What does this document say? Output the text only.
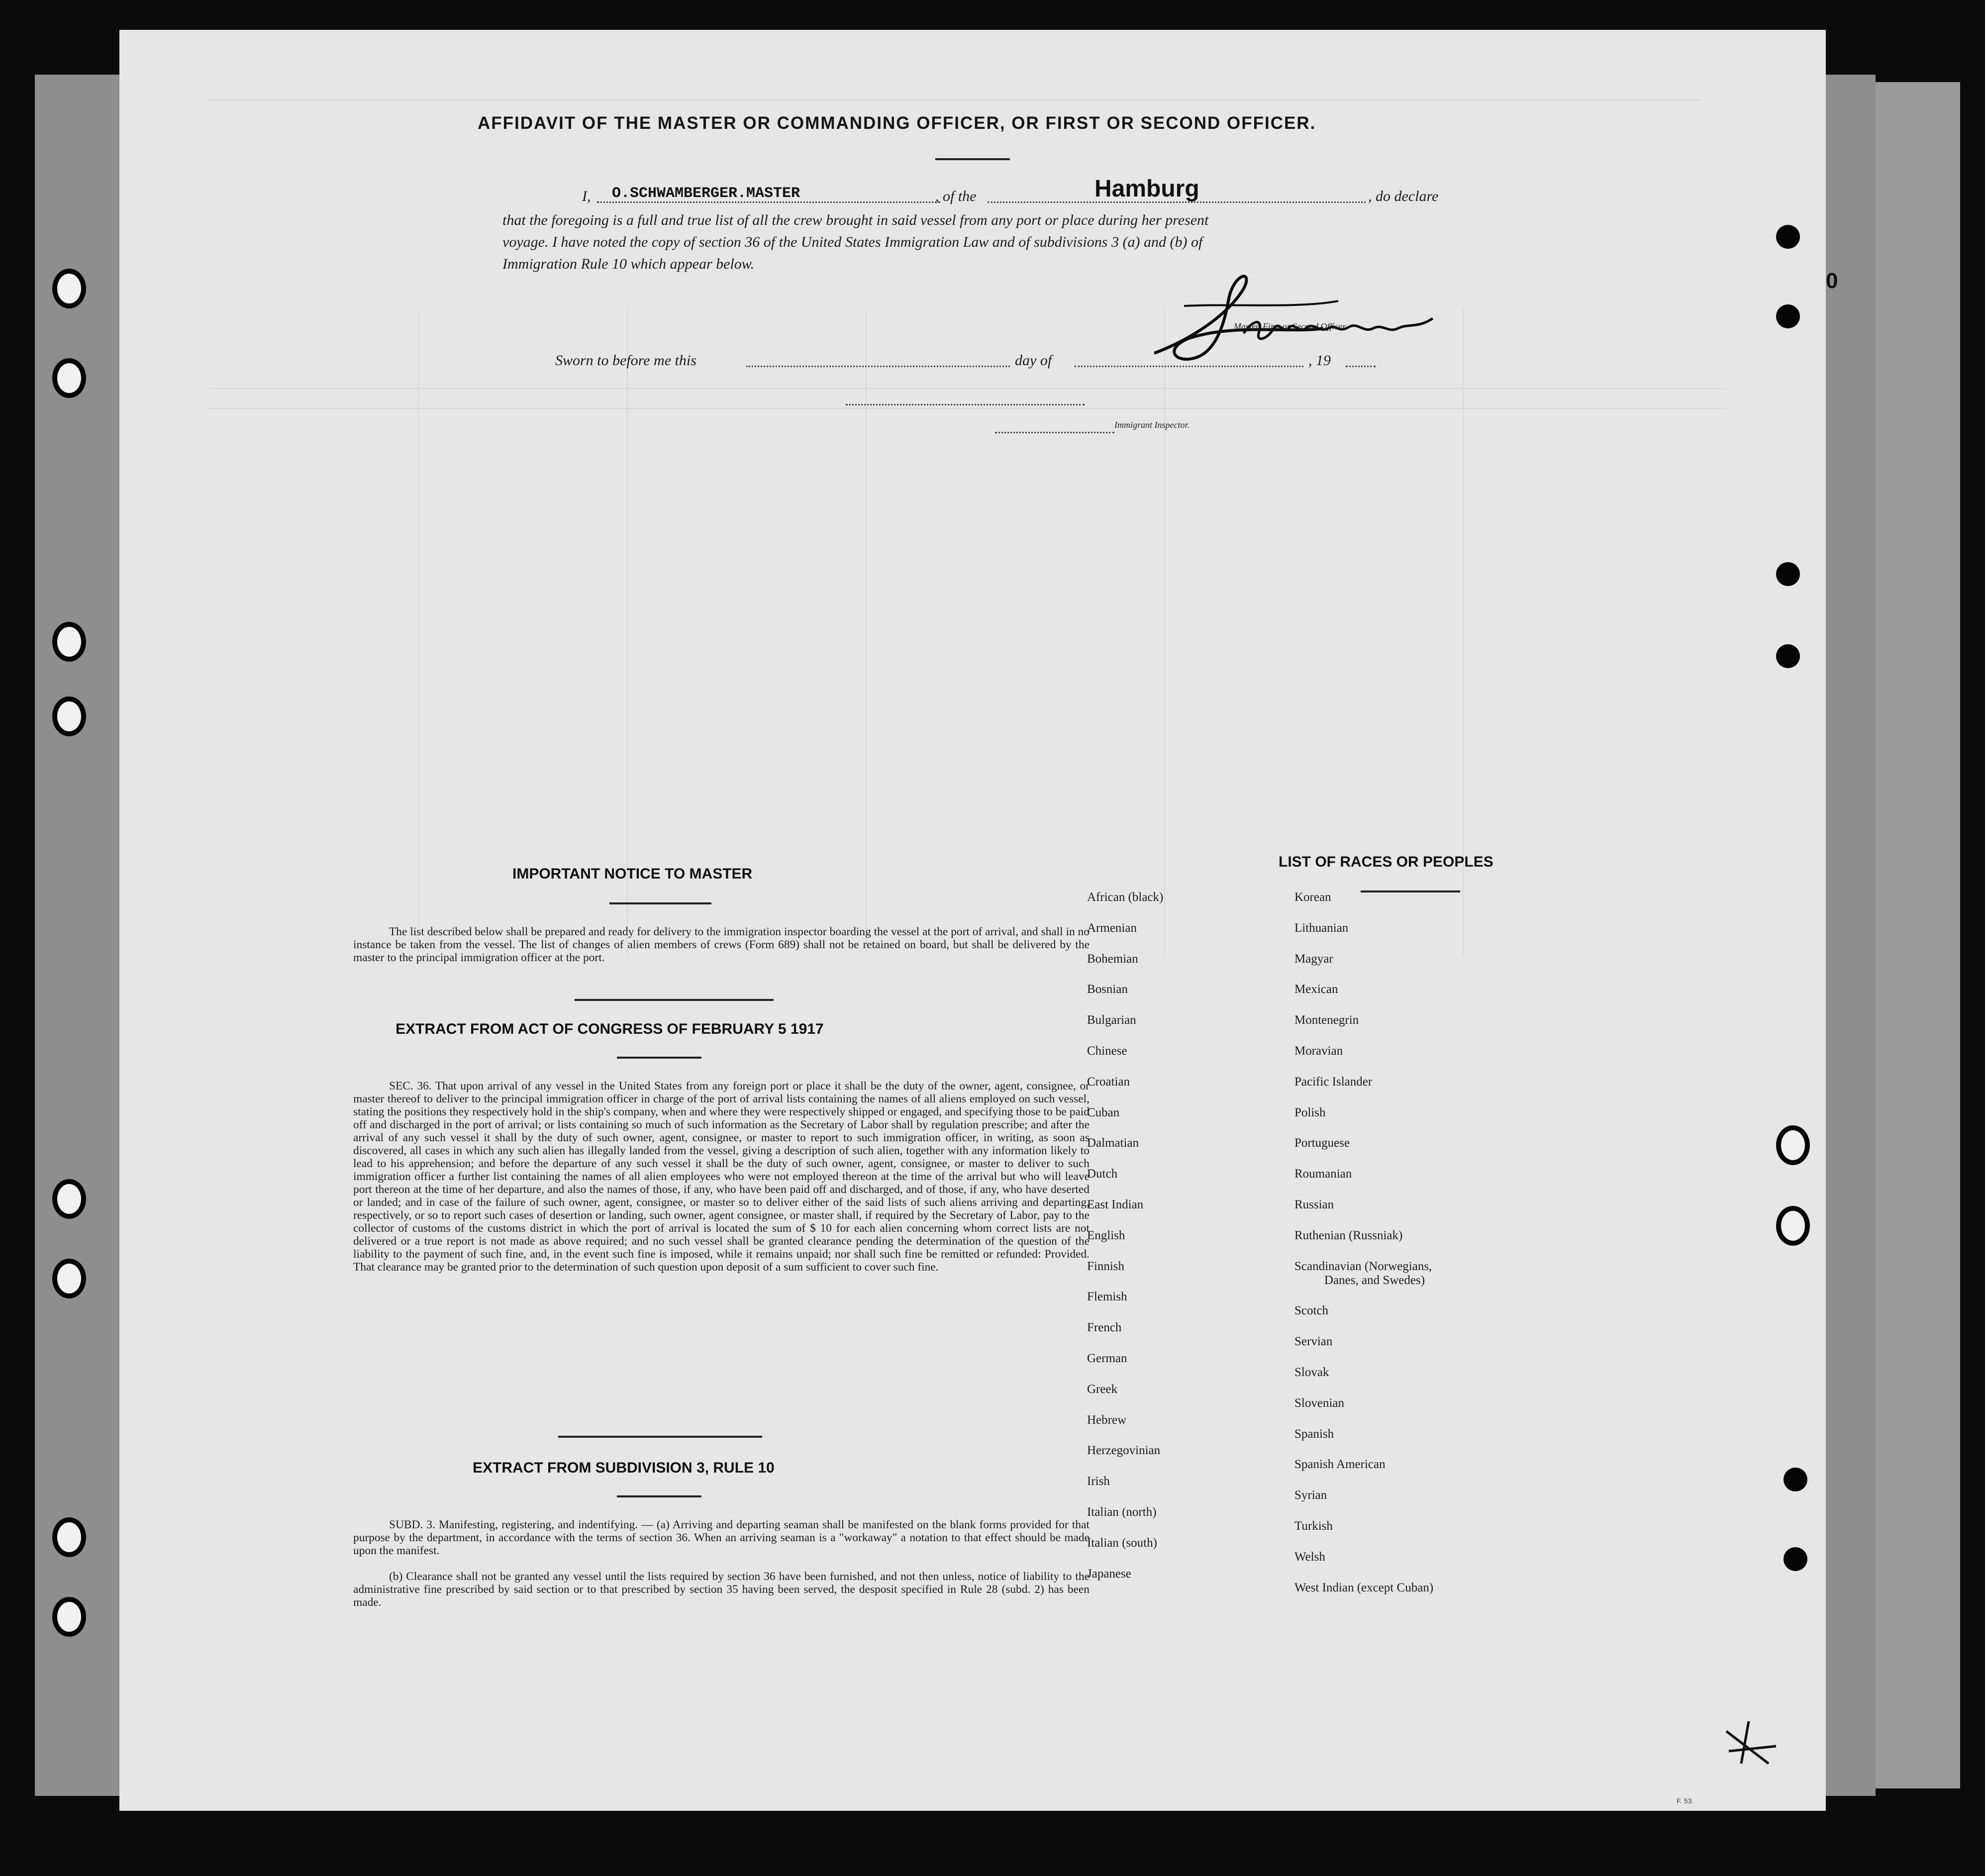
AFFIDAVIT OF THE MASTER OR COMMANDING OFFICER, OR FIRST OR SECOND OFFICER.
I, O.SCHWAMBERGER.MASTER	, of the	Hamburg	, do declare
that the foregoing is a full and true list of all the crew brought in said vessel from any port or place during her present
voyage. I have noted the copy of section 36 of the United States Immigration Law and of subdivisions 3 (a) and (b) of
Immigration Rule 10 which appear below.
Schwamberger
Master, First or Second Officer.
Sworn to before me this	day of	, 19
Immigrant Inspector.
IMPORTANT NOTICE TO MASTER

The list described below shall be prepared and ready for delivery to the immigration inspector boarding the vessel at the port of arrival, and shall in no instance be taken from the vessel. The list of changes of alien members of crews (Form 689) shall not be retained on board, but shall be delivered by the master to the principal immigration officer at the port.

EXTRACT FROM ACT OF CONGRESS OF FEBRUARY 5 1917

SEC. 36. That upon arrival of any vessel in the United States from any foreign port or place it shall be the duty of the owner, agent, consignee, or master thereof to deliver to the principal immigration officer in charge of the port of arrival lists containing the names of all aliens employed on such vessel, stating the positions they respectively hold in the ship's company, when and where they were respectively shipped or engaged, and specifying those to be paid off and discharged in the port of arrival; or lists containing so much of such information as the Secretary of Labor shall by regulation prescribe; and after the arrival of any such vessel it shall by the duty of such owner, agent, consignee, or master to report to such immigration officer, in writing, as soon as discovered, all cases in which any such alien has illegally landed from the vessel, giving a description of such alien, together with any information likely to lead to his apprehension; and before the departure of any such vessel it shall be the duty of such owner, agent, consignee, or master to deliver to such immigration officer a further list containing the names of all alien employees who were not employed thereon at the time of the arrival but who will leave port thereon at the time of her departure, and also the names of those, if any, who have been paid off and discharged, and of those, if any, who have deserted or landed; and in case of the failure of such owner, agent, consignee, or master so to deliver either of the said lists of such aliens arriving and departing, respectively, or so to report such cases of desertion or landing, such owner, agent consignee, or master shall, if required by the Secretary of Labor, pay to the collector of customs of the customs district in which the port of arrival is located the sum of $ 10 for each alien concerning whom correct lists are not delivered or a true report is not made as above required; and no such vessel shall be granted clearance pending the determination of the question of the liability to the payment of such fine, and, in the event such fine is imposed, while it remains unpaid; nor shall such fine be remitted or refunded: Provided. That clearance may be granted prior to the determination of such question upon deposit of a sum sufficient to cover such fine.

EXTRACT FROM SUBDIVISION 3, RULE 10

SUBD. 3. Manifesting, registering, and indentifying. — (a) Arriving and departing seaman shall be manifested on the blank forms provided for that purpose by the department, in accordance with the terms of section 36. When an arriving seaman is a "workaway" a notation to that effect should be made upon the manifest.

(b) Clearance shall not be granted any vessel until the lists required by section 36 have been furnished, and not then unless, notice of liability to the administrative fine prescribed by said section or to that prescribed by section 35 having been served, the desposit specified in Rule 28 (subd. 2) has been made.

LIST OF RACES OR PEOPLES
African (black)
Armenian
Bohemian
Bosnian
Bulgarian
Chinese
Croatian
Cuban
Dalmatian
Dutch
East Indian
English
Finnish
Flemish
French
German
Greek
Hebrew
Herzegovinian
Irish
Italian (north)
Italian (south)
Japanese
Korean
Lithuanian
Magyar
Mexican
Montenegrin
Moravian
Pacific Islander
Polish
Portuguese
Roumanian
Russian
Ruthenian (Russniak)
Scandinavian (Norwegians,
Danes, and Swedes)
Scotch
Servian
Slovak
Slovenian
Spanish
Spanish American
Syrian
Turkish
Welsh
West Indian (except Cuban)
F. 53.
4
0
